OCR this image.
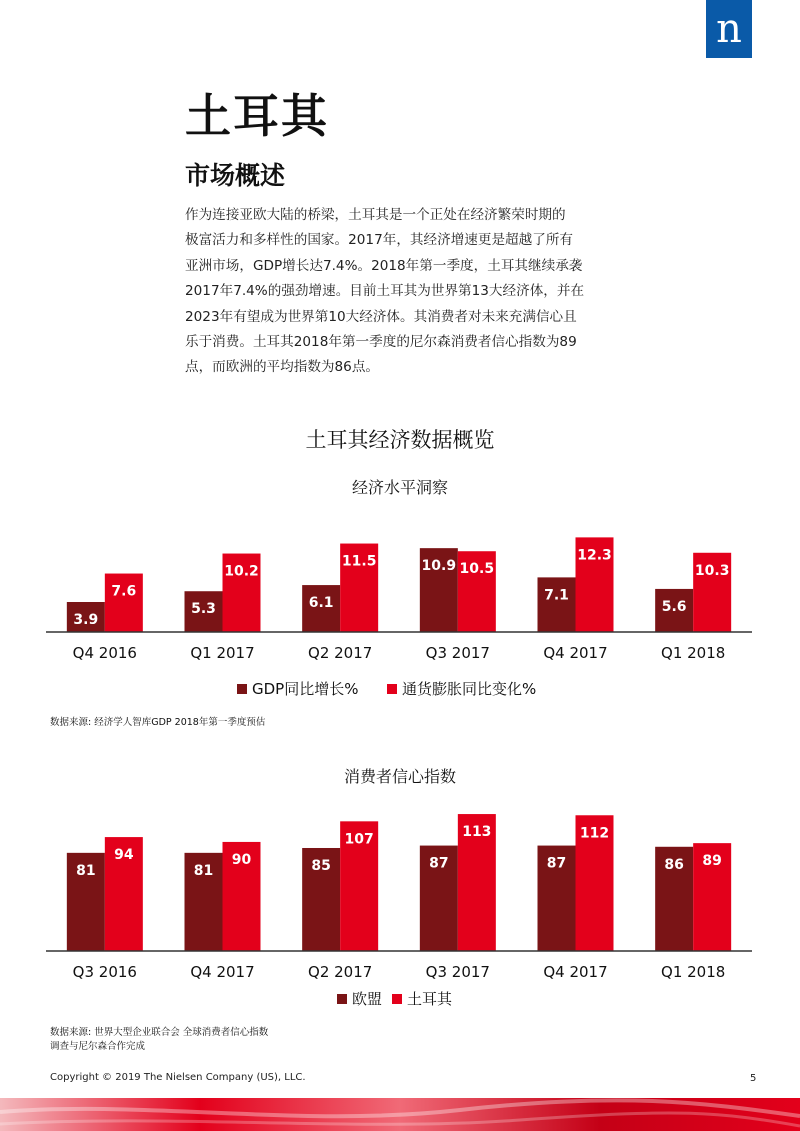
n
土耳其
市场概述

作为连接亚欧大陆的桥梁，土耳其是一个正处在经济繁荣时期的
极富活力和多样性的国家。2017年，其经济增速更是超越了所有
亚洲市场，GDP增长达7.4%。2018年第一季度，土耳其继续承袭
2017年7.4%的强劲增速。目前土耳其为世界第13大经济体，并在
2023年有望成为世界第10大经济体。其消费者对未来充满信心且
乐于消费。土耳其2018年第一季度的尼尔森消费者信心指数为89
点，而欧洲的平均指数为86点。

土耳其经济数据概览
经济水平洞察
3.9
7.6
Q4 2016
5.3
10.2
Q1 2017
6.1
11.5
Q2 2017
10.9 10.5
Q3 2017
7.1
12.3
Q4 2017
5.6
10.3
Q1 2018
GDP同比增长%	通货膨胀同比变化%
数据来源: 经济学人智库GDP 2018年第一季度预估
消费者信心指数
81
94
Q3 2016
81
90
Q4 2017
85
107
Q2 2017
87
113
Q3 2017
87
112
Q4 2017
86 89
Q1 2018
欧盟 土耳其
数据来源: 世界大型企业联合会 全球消费者信心指数
调查与尼尔森合作完成
Copyright © 2019 The Nielsen Company (US), LLC.	5
